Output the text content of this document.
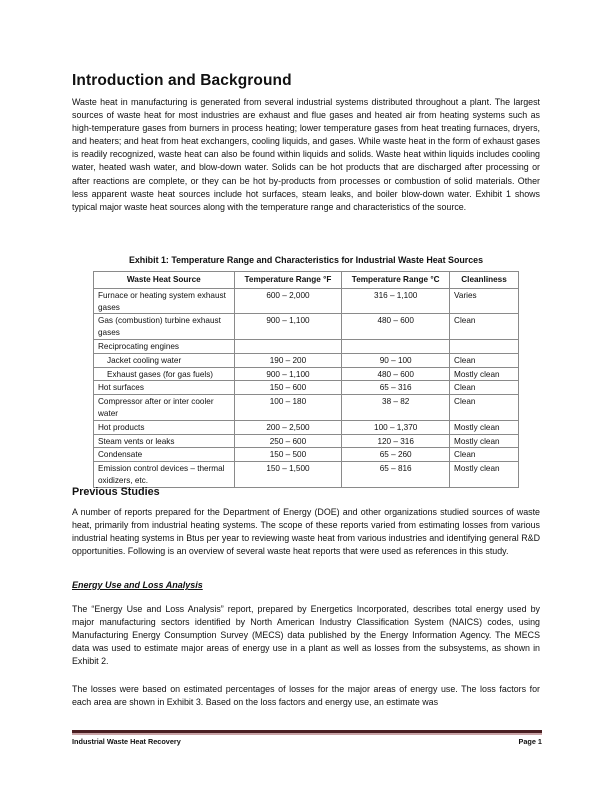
Introduction and Background

Waste heat in manufacturing is generated from several industrial systems distributed throughout a plant. The largest sources of waste heat for most industries are exhaust and flue gases and heated air from heating systems such as high-temperature gases from burners in process heating; lower temperature gases from heat treating furnaces, dryers, and heaters; and heat from heat exchangers, cooling liquids, and gases. While waste heat in the form of exhaust gases is readily recognized, waste heat can also be found within liquids and solids. Waste heat within liquids includes cooling water, heated wash water, and blow-down water. Solids can be hot products that are discharged after processing or after reactions are complete, or they can be hot by-products from processes or combustion of solid materials. Other less apparent waste heat sources include hot surfaces, steam leaks, and boiler blow-down water. Exhibit 1 shows typical major waste heat sources along with the temperature range and characteristics of the source.

Exhibit 1: Temperature Range and Characteristics for Industrial Waste Heat Sources
Waste Heat Source	Temperature Range °F	Temperature Range °C	Cleanliness
Furnace or heating system exhaust gases	600 – 2,000	316 – 1,100	Varies
Gas (combustion) turbine exhaust gases	900 – 1,100	480 – 600	Clean
Reciprocating engines			
Jacket cooling water	190 – 200	90 – 100	Clean
Exhaust gases (for gas fuels)	900 – 1,100	480 – 600	Mostly clean
Hot surfaces	150 – 600	65 – 316	Clean
Compressor after or inter cooler water	100 – 180	38 – 82	Clean
Hot products	200 – 2,500	100 – 1,370	Mostly clean
Steam vents or leaks	250 – 600	120 – 316	Mostly clean
Condensate	150 – 500	65 – 260	Clean
Emission control devices – thermal oxidizers, etc.	150 – 1,500	65 – 816	Mostly clean
Previous Studies

A number of reports prepared for the Department of Energy (DOE) and other organizations studied sources of waste heat, primarily from industrial heating systems. The scope of these reports varied from estimating losses from various industrial heating systems in Btus per year to reviewing waste heat from various industries and identifying general R&D opportunities. Following is an overview of several waste heat reports that were used as references in this study.

Energy Use and Loss Analysis

The “Energy Use and Loss Analysis” report, prepared by Energetics Incorporated, describes total energy used by major manufacturing sectors identified by North American Industry Classification System (NAICS) codes, using Manufacturing Energy Consumption Survey (MECS) data published by the Energy Information Agency. The MECS data was used to estimate major areas of energy use in a plant as well as losses from the subsystems, as shown in Exhibit 2.

The losses were based on estimated percentages of losses for the major areas of energy use. The loss factors for each area are shown in Exhibit 3. Based on the loss factors and energy use, an estimate was

Industrial Waste Heat Recovery	Page 1
